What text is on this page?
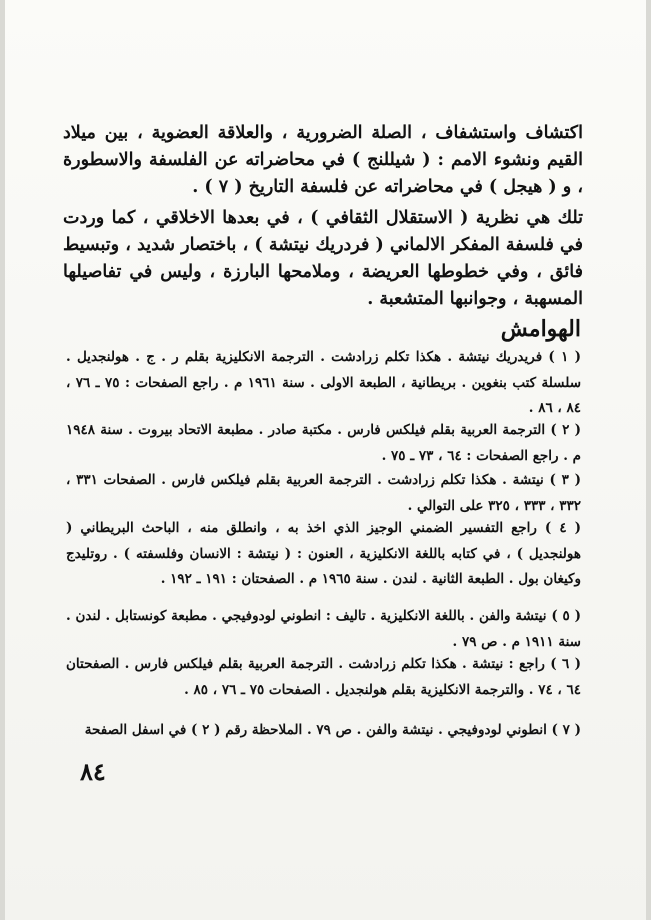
اكتشاف واستشفاف ، الصلة الضرورية ، والعلاقة العضوية ، بين ميلاد القيم ونشوء الامم : ( شيللنج ) في محاضراته عن الفلسفة والاسطورة ، و ( هيجل ) في محاضراته عن فلسفة التاريخ ( ٧ ) .

تلك هي نظرية ( الاستقلال الثقافي ) ، في بعدها الاخلاقي ، كما وردت في فلسفة المفكر الالماني ( فردريك نيتشة ) ، باختصار شديد ، وتبسيط فائق ، وفي خطوطها العريضة ، وملامحها البارزة ، وليس في تفاصيلها المسهبة ، وجوانبها المتشعبة .

الهوامش

( ١ ) فريدريك نيتشة . هكذا تكلم زرادشت . الترجمة الانكليزية بقلم ر . ج . هولنجديل . سلسلة كتب بنغوين . بريطانية ، الطبعة الاولى . سنة ١٩٦١ م . راجع الصفحات : ٧٥ ـ ٧٦ ، ٨٤ ، ٨٦ .

( ٢ ) الترجمة العربية بقلم فيلكس فارس . مكتبة صادر . مطبعة الاتحاد بيروت . سنة ١٩٤٨ م . راجع الصفحات : ٦٤ ، ٧٣ ـ ٧٥ .

( ٣ ) نيتشة . هكذا تكلم زرادشت . الترجمة العربية بقلم فيلكس فارس . الصفحات ٣٣١ ، ٣٣٢ ، ٣٣٣ ، ٣٢٥ على التوالي .

( ٤ ) راجع التفسير الضمني الوجيز الذي اخذ به ، وانطلق منه ، الباحث البريطاني ( هولنجديل ) ، في كتابه باللغة الانكليزية ، العنون : ( نيتشة : الانسان وفلسفته ) . روتليدج وكيغان بول . الطبعة الثانية . لندن . سنة ١٩٦٥ م . الصفحتان : ١٩١ ـ ١٩٢ .

( ٥ ) نيتشة والفن . باللغة الانكليزية . تاليف : انطوني لودوفيجي . مطبعة كونستابل . لندن . سنة ١٩١١ م . ص ٧٩ .

( ٦ ) راجع : نيتشة . هكذا تكلم زرادشت . الترجمة العربية بقلم فيلكس فارس . الصفحتان ٦٤ ، ٧٤ . والترجمة الانكليزية بقلم هولنجديل . الصفحات ٧٥ ـ ٧٦ ، ٨٥ .

( ٧ ) انطوني لودوفيجي . نيتشة والفن . ص ٧٩ . الملاحظة رقم ( ٢ ) في اسفل الصفحة

٨٤
